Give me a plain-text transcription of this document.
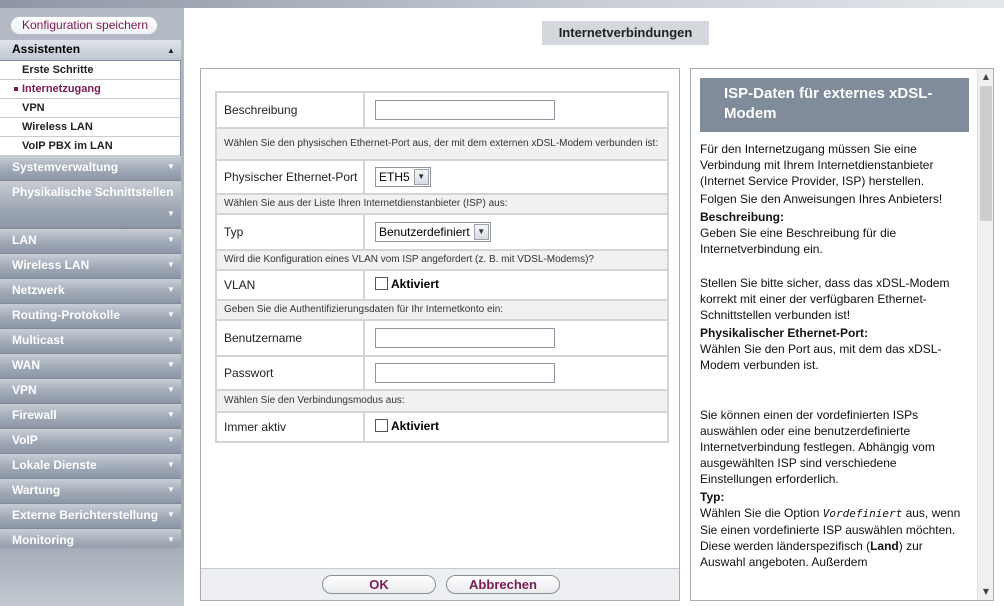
Konfiguration speichern
Assistenten	▲
Erste Schritte
Internetzugang
VPN
Wireless LAN
VoIP PBX im LAN
Systemverwaltung	▼
Physikalische Schnittstellen
▼
LAN	▼
Wireless LAN	▼
Netzwerk	▼
Routing-Protokolle	▼
Multicast	▼
WAN	▼
VPN	▼
Firewall	▼
VoIP	▼
Lokale Dienste	▼
Wartung	▼
Externe Berichterstellung ▼
Monitoring	▼
Internetverbindungen
Beschreibung	

Wählen Sie den physischen Ethernet-Port aus, der mit dem externen xDSL-Modem verbunden ist:	
Physischer Ethernet-Port	ETH5 ▼

Wählen Sie aus der Liste Ihren Internetdienstanbieter (ISP) aus:	
Typ	Benutzerdefiniert ▼

Wird die Konfiguration eines VLAN vom ISP angefordert (z. B. mit VDSL-Modems)?	
VLAN	Aktiviert

Geben Sie die Authentifizierungsdaten für Ihr Internetkonto ein:	
Benutzername	

Passwort	

Wählen Sie den Verbindungsmodus aus:	
Immer aktiv	Aktiviert
OK	Abbrechen
ISP-Daten für externes xDSL-Modem

Für den Internetzugang müssen Sie eine Verbindung mit Ihrem Internetdienstanbieter (Internet Service Provider, ISP) herstellen.

Folgen Sie den Anweisungen Ihres Anbieters!

Beschreibung:

Geben Sie eine Beschreibung für die Internetverbindung ein.

Stellen Sie bitte sicher, dass das xDSL-Modem korrekt mit einer der verfügbaren Ethernet-Schnittstellen verbunden ist!

Physikalischer Ethernet-Port:

Wählen Sie den Port aus, mit dem das xDSL-Modem verbunden ist.

Sie können einen der vordefinierten ISPs auswählen oder eine benutzerdefinierte Internetverbindung festlegen. Abhängig vom ausgewählten ISP sind verschiedene Einstellungen erforderlich.

Typ:

Wählen Sie die Option Vordefiniert aus, wenn Sie einen vordefinierte ISP auswählen möchten. Diese werden länderspezifisch (Land) zur Auswahl angeboten. Außerdem

▲
▼
